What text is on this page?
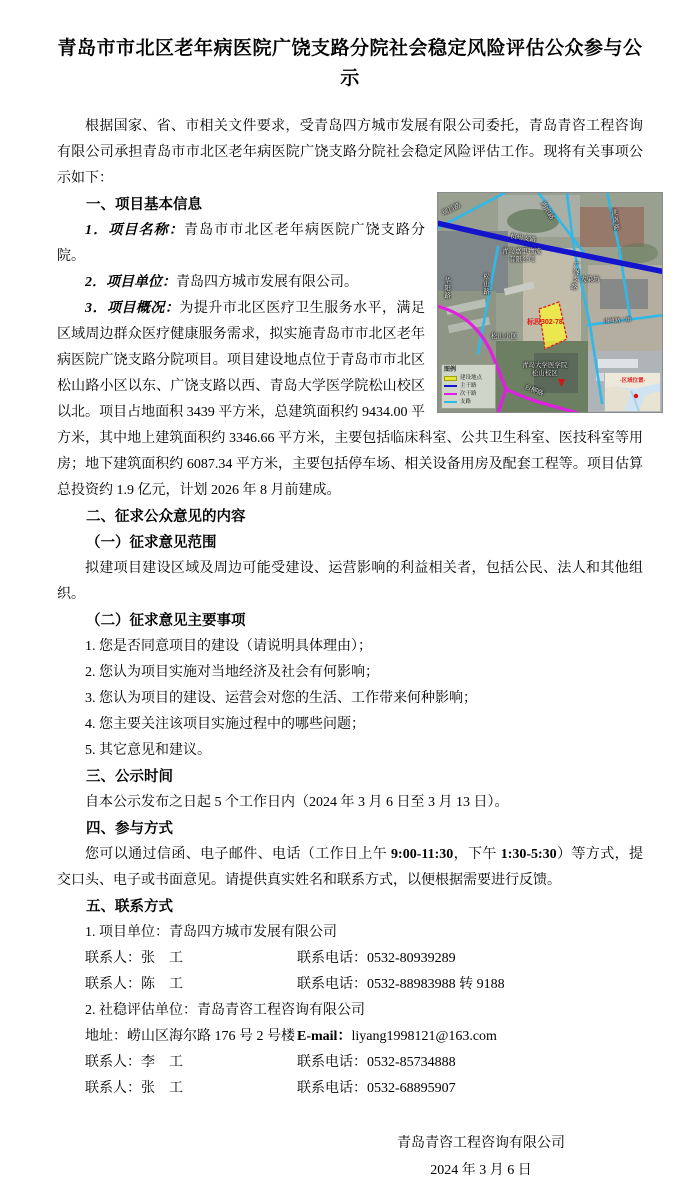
青岛市市北区老年病医院广饶支路分院社会稳定风险评估公众参与公示

根据国家、省、市相关文件要求，受青岛四方城市发展有限公司委托，青岛青咨工程咨询有限公司承担青岛市市北区老年病医院广饶支路分院社会稳定风险评估工作。现将有关事项公示如下：

青岛嘉里物流
有限公司
瑞昌路
杭州支路
海泊路	洮南路
松山路	广饶支路
海峰路二街
华阳路
台柳路
大染坊
松山小区
标段302-78
青岛大学医学院
松山校区
图例
建设地点
主干路
次干路
支路
-区域位置-

一、项目基本信息

1．项目名称：青岛市市北区老年病医院广饶支路分院。

2．项目单位：青岛四方城市发展有限公司。

3．项目概况：为提升市北区医疗卫生服务水平，满足区域周边群众医疗健康服务需求，拟实施青岛市市北区老年病医院广饶支路分院项目。项目建设地点位于青岛市市北区松山路小区以东、广饶支路以西、青岛大学医学院松山校区以北。项目占地面积 3439 平方米，总建筑面积约 9434.00 平方米，其中地上建筑面积约 3346.66 平方米，主要包括临床科室、公共卫生科室、医技科室等用房；地下建筑面积约 6087.34 平方米，主要包括停车场、相关设备用房及配套工程等。项目估算总投资约 1.9 亿元，计划 2026 年 8 月前建成。

二、征求公众意见的内容

（一）征求意见范围

拟建项目建设区域及周边可能受建设、运营影响的利益相关者，包括公民、法人和其他组织。

（二）征求意见主要事项

1. 您是否同意项目的建设（请说明具体理由）；

2. 您认为项目实施对当地经济及社会有何影响；

3. 您认为项目的建设、运营会对您的生活、工作带来何种影响；

4. 您主要关注该项目实施过程中的哪些问题；

5. 其它意见和建议。

三、公示时间

自本公示发布之日起 5 个工作日内（2024 年 3 月 6 日至 3 月 13 日）。

四、参与方式

您可以通过信函、电子邮件、电话（工作日上午 9:00-11:30，下午 1:30-5:30）等方式，提交口头、电子或书面意见。请提供真实姓名和联系方式，以便根据需要进行反馈。

五、联系方式

1. 项目单位：青岛四方城市发展有限公司

联系人：张　工	联系电话：0532-80939289
联系人：陈　工	联系电话：0532-88983988 转 9188

2. 社稳评估单位：青岛青咨工程咨询有限公司

地址：崂山区海尔路 176 号 2 号楼 E-mail：liyang1998121@163.com
联系人：李　工	联系电话：0532-85734888
联系人：张　工	联系电话：0532-68895907
青岛青咨工程咨询有限公司
2024 年 3 月 6 日
